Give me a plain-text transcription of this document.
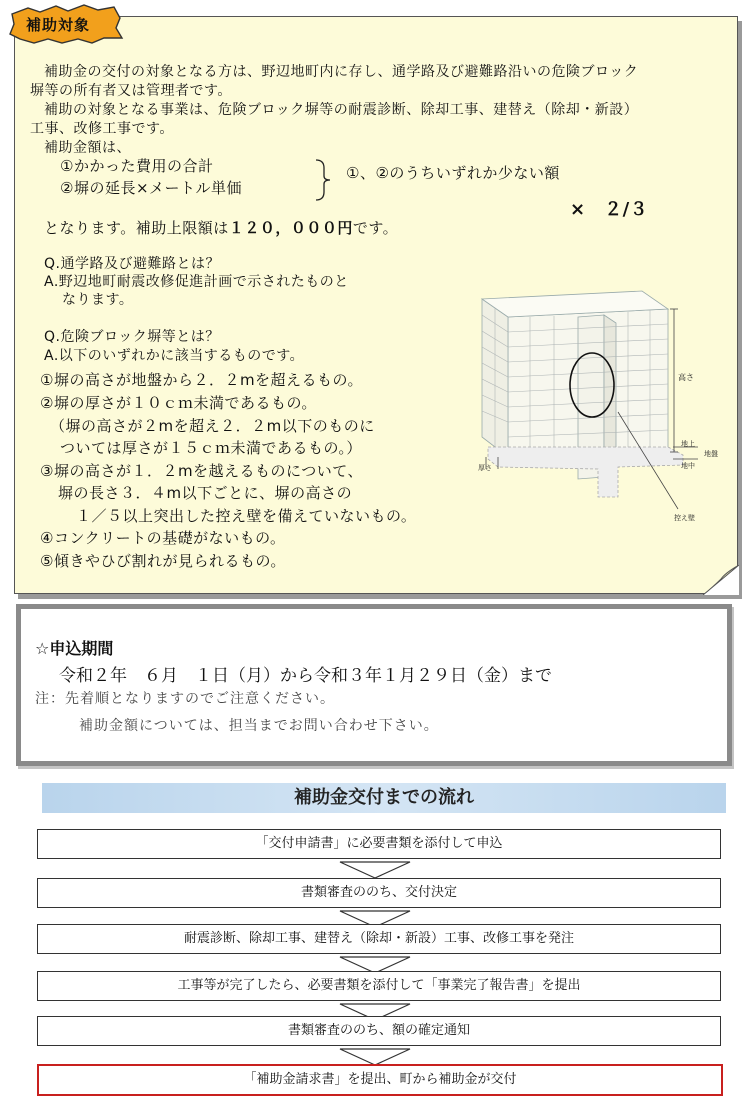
補助対象
補助金の交付の対象となる方は、野辺地町内に存し、通学路及び避難路沿いの危険ブロック
塀等の所有者又は管理者です。
補助の対象となる事業は、危険ブロック塀等の耐震診断、除却工事、建替え（除却・新設）
工事、改修工事です。
補助金額は、
①かかった費用の合計
②塀の延長×メートル単価
①、②のうちいずれか少ない額
×　２/３
となります。補助上限額は１２０，０００円です。
Q.通学路及び避難路とは？
A.野辺地町耐震改修促進計画で示されたものと
なります。
Q.危険ブロック塀等とは？
A.以下のいずれかに該当するものです。
①塀の高さが地盤から２．２mを超えるもの。
②塀の厚さが１０ｃｍ未満であるもの。
（塀の高さが２mを超え２．２m以下のものに
ついては厚さが１５ｃｍ未満であるもの。）
③塀の高さが１．２mを越えるものについて、
塀の長さ３．４m以下ごとに、塀の高さの
１／５以上突出した控え壁を備えていないもの。
④コンクリートの基礎がないもの。
⑤傾きやひび割れが見られるもの。
高さ
地上
地盤
地中
厚さ
控え壁
☆申込期間
令和２年　６月　１日（月）から令和３年１月２９日（金）まで
注：先着順となりますのでご注意ください。
補助金額については、担当までお問い合わせ下さい。
補助金交付までの流れ
「交付申請書」に必要書類を添付して申込
書類審査ののち、交付決定
耐震診断、除却工事、建替え（除却・新設）工事、改修工事を発注
工事等が完了したら、必要書類を添付して「事業完了報告書」を提出
書類審査ののち、額の確定通知
「補助金請求書」を提出、町から補助金が交付
